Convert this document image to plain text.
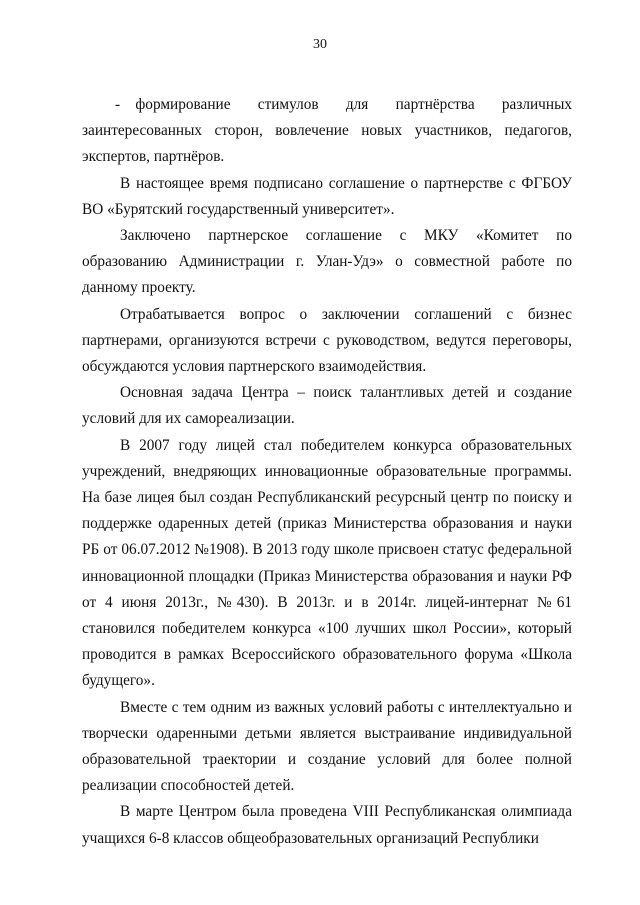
30

- формирование стимулов для партнёрства различных заинтересованных сторон, вовлечение новых участников, педагогов, экспертов, партнёров.

В настоящее время подписано соглашение о партнерстве с ФГБОУ ВО «Бурятский государственный университет».

Заключено партнерское соглашение с МКУ «Комитет по образованию Администрации г. Улан-Удэ» о совместной работе по данному проекту.

Отрабатывается вопрос о заключении соглашений с бизнес партнерами, организуются встречи с руководством, ведутся переговоры, обсуждаются условия партнерского взаимодействия.

Основная задача Центра – поиск талантливых детей и создание условий для их самореализации.

В 2007 году лицей стал победителем конкурса образовательных учреждений, внедряющих инновационные образовательные программы. На базе лицея был создан Республиканский ресурсный центр по поиску и поддержке одаренных детей (приказ Министерства образования и науки РБ от 06.07.2012 №1908). В 2013 году школе присвоен статус федеральной инновационной площадки (Приказ Министерства образования и науки РФ от 4 июня 2013г., №430). В 2013г. и в 2014г. лицей-интернат №61 становился победителем конкурса «100 лучших школ России», который проводится в рамках Всероссийского образовательного форума «Школа будущего».

Вместе с тем одним из важных условий работы с интеллектуально и творчески одаренными детьми является выстраивание индивидуальной образовательной траектории и создание условий для более полной реализации способностей детей.

В марте Центром была проведена VIII Республиканская олимпиада учащихся 6-8 классов общеобразовательных организаций Республики
